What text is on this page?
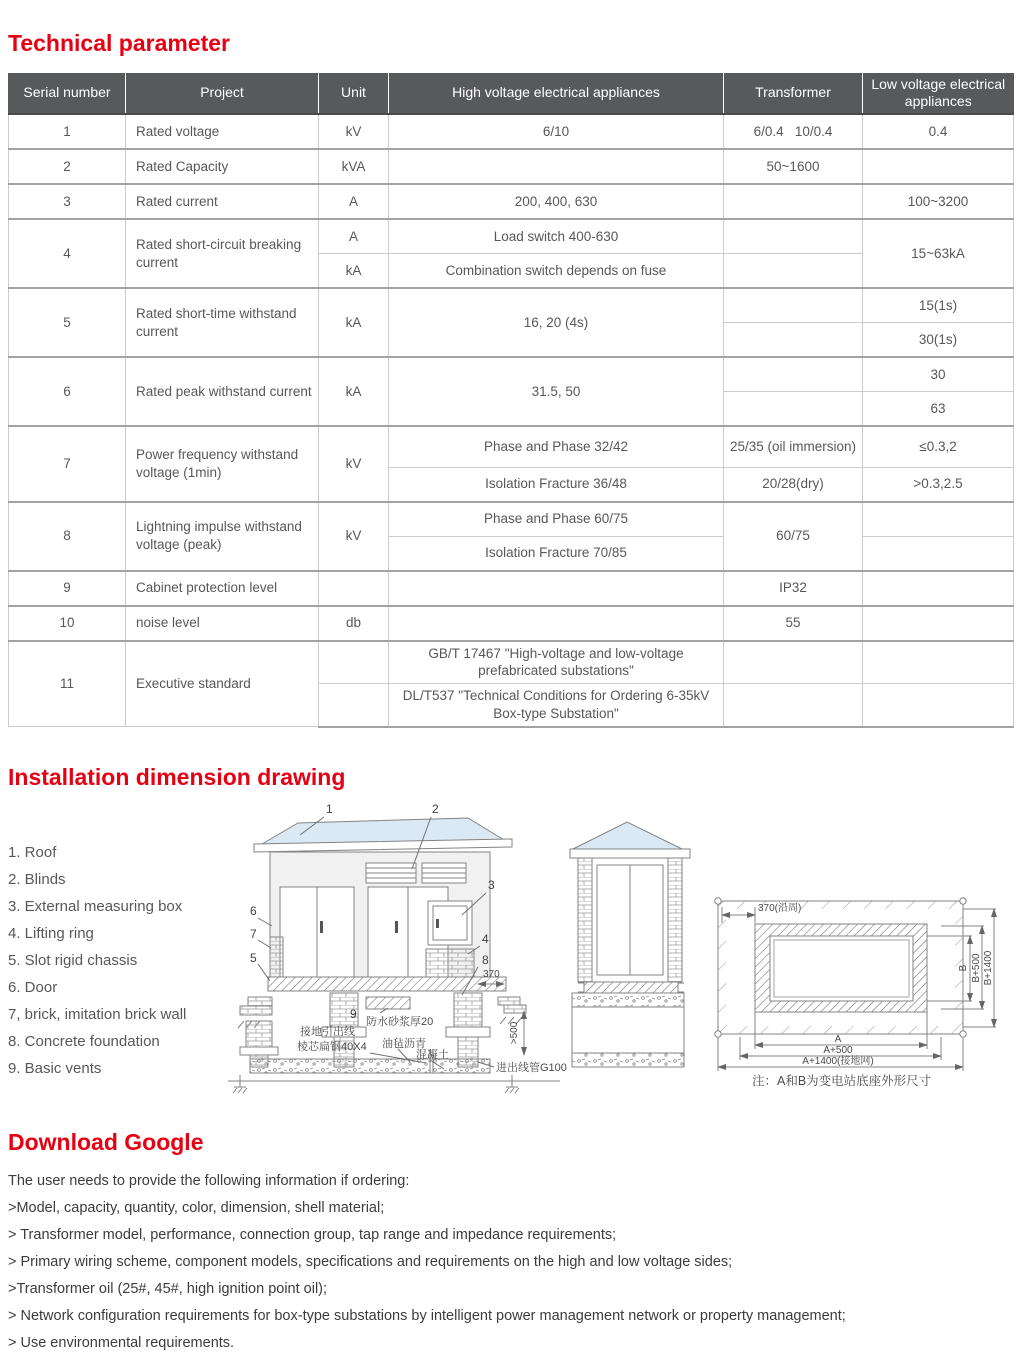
Technical parameter
Serial number	Project	Unit	High voltage electrical appliances	Transformer	Low voltage electrical appliances
1	Rated voltage	kV	6/10	6/0.4   10/0.4	0.4
2	Rated Capacity	kVA		50~1600	
3	Rated current	A	200, 400, 630		100~3200
4	Rated short-circuit breaking current	A	Load switch 400-630		15~63kA
		kA	Combination switch depends on fuse		
5	Rated short-time withstand current	kA	16, 20 (4s)		15(1s)
					30(1s)
6	Rated peak withstand current	kA	31.5, 50		30
					63
7	Power frequency withstand voltage (1min)	kV	Phase and Phase 32/42	25/35 (oil immersion)	≤0.3,2
			Isolation Fracture 36/48	20/28(dry)	>0.3,2.5
8	Lightning impulse withstand voltage (peak)	kV	Phase and Phase 60/75	60/75	
			Isolation Fracture 70/85		
9	Cabinet protection level			IP32	
10	noise level	db		55	
11	Executive standard		GB/T 17467 "High-voltage and low-voltage prefabricated substations"		
			DL/T537 "Technical Conditions for Ordering 6-35kV Box-type Substation"		
Installation dimension drawing
1. Roof
2. Blinds
3. External measuring box
4. Lifting ring
5. Slot rigid chassis
6. Door
7, brick, imitation brick wall
8. Concrete foundation
9. Basic vents
1	2
3
4
8
6
7
5
9
370
>500
防水砂浆厚20
接地引出线
棱芯扁钢40X4 油毡沥青
混凝土
进出线管G100
370(沿周)
A
A+500
A+1400(接地网)
B B+500 B+1400
注：A和B为变电站底座外形尺寸
Download Google

The user needs to provide the following information if ordering:

>Model, capacity, quantity, color, dimension, shell material;

> Transformer model, performance, connection group, tap range and impedance requirements;

> Primary wiring scheme, component models, specifications and requirements on the high and low voltage sides;

>Transformer oil (25#, 45#, high ignition point oil);

> Network configuration requirements for box-type substations by intelligent power management network or property management;

> Use environmental requirements.
